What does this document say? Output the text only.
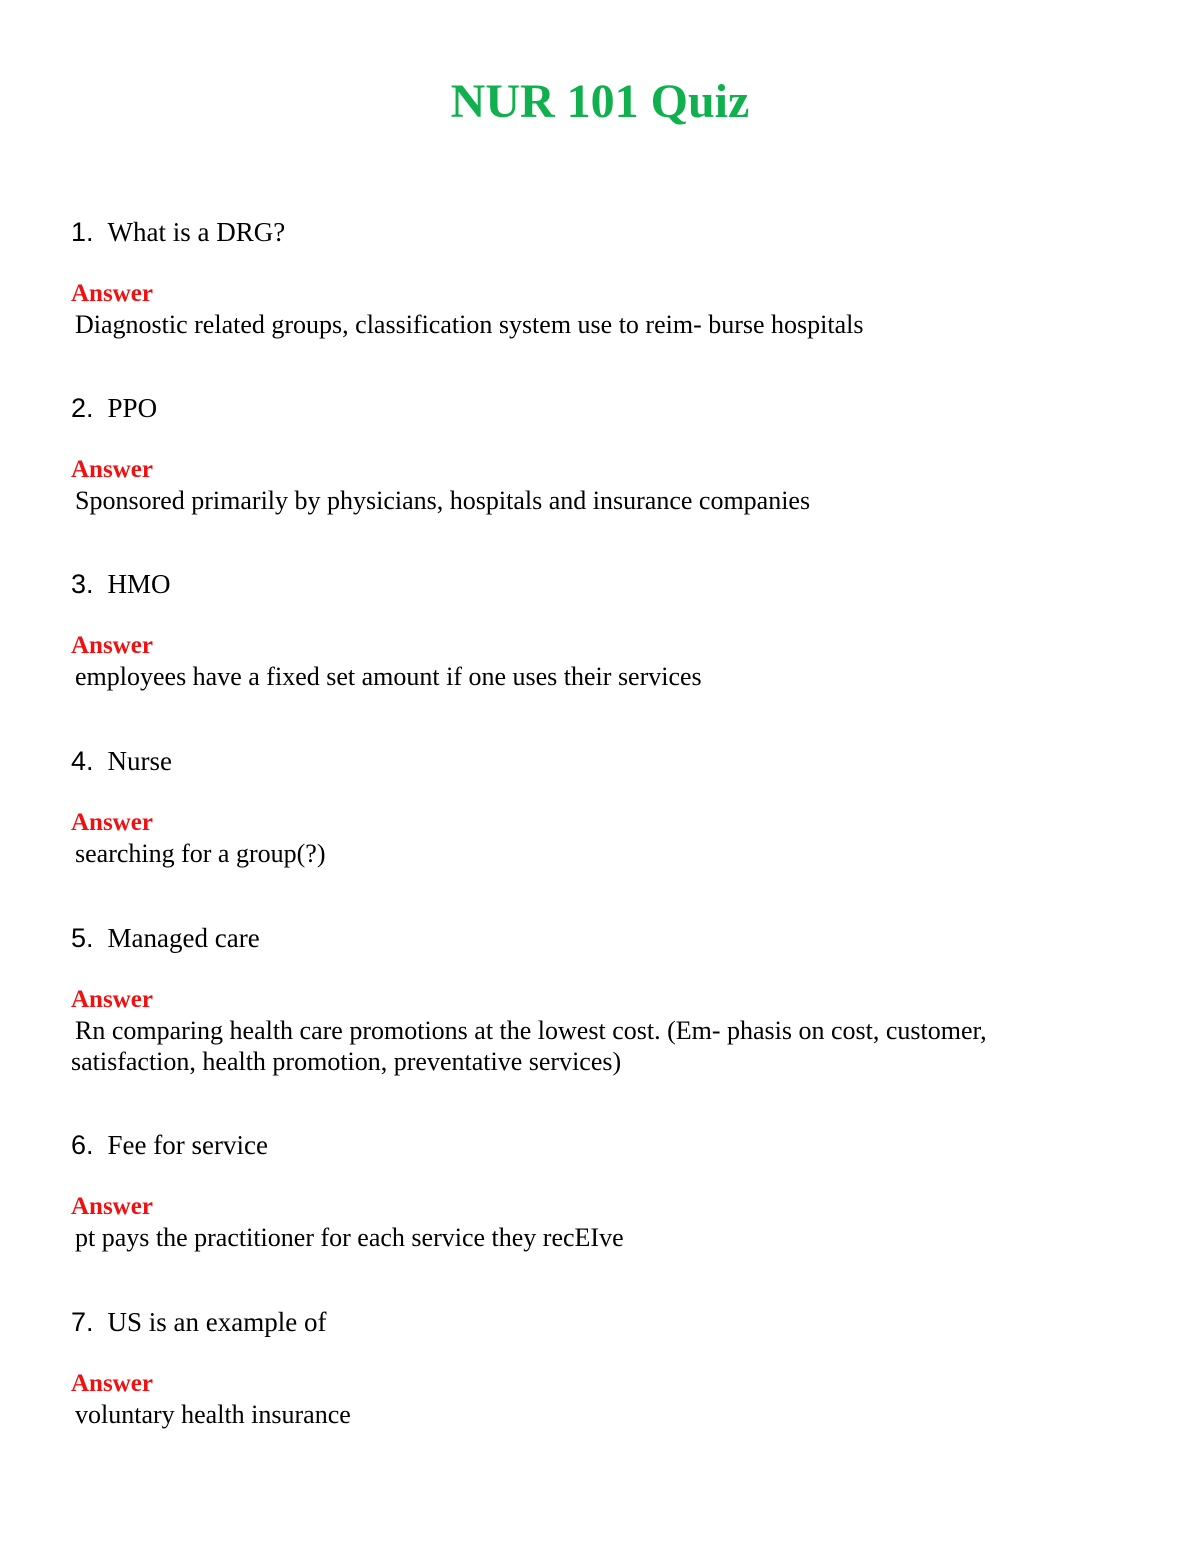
NUR 101 Quiz
1. What is a DRG?
Answer
Diagnostic related groups, classification system use to reim- burse hospitals
2. PPO
Answer
Sponsored primarily by physicians, hospitals and insurance companies
3. HMO
Answer
employees have a fixed set amount if one uses their services
4. Nurse
Answer
searching for a group(?)
5. Managed care
Answer
Rn comparing health care promotions at the lowest cost. (Em- phasis on cost, customer, satisfaction, health promotion, preventative services)
6. Fee for service
Answer
pt pays the practitioner for each service they recEIve
7. US is an example of
Answer
voluntary health insurance
